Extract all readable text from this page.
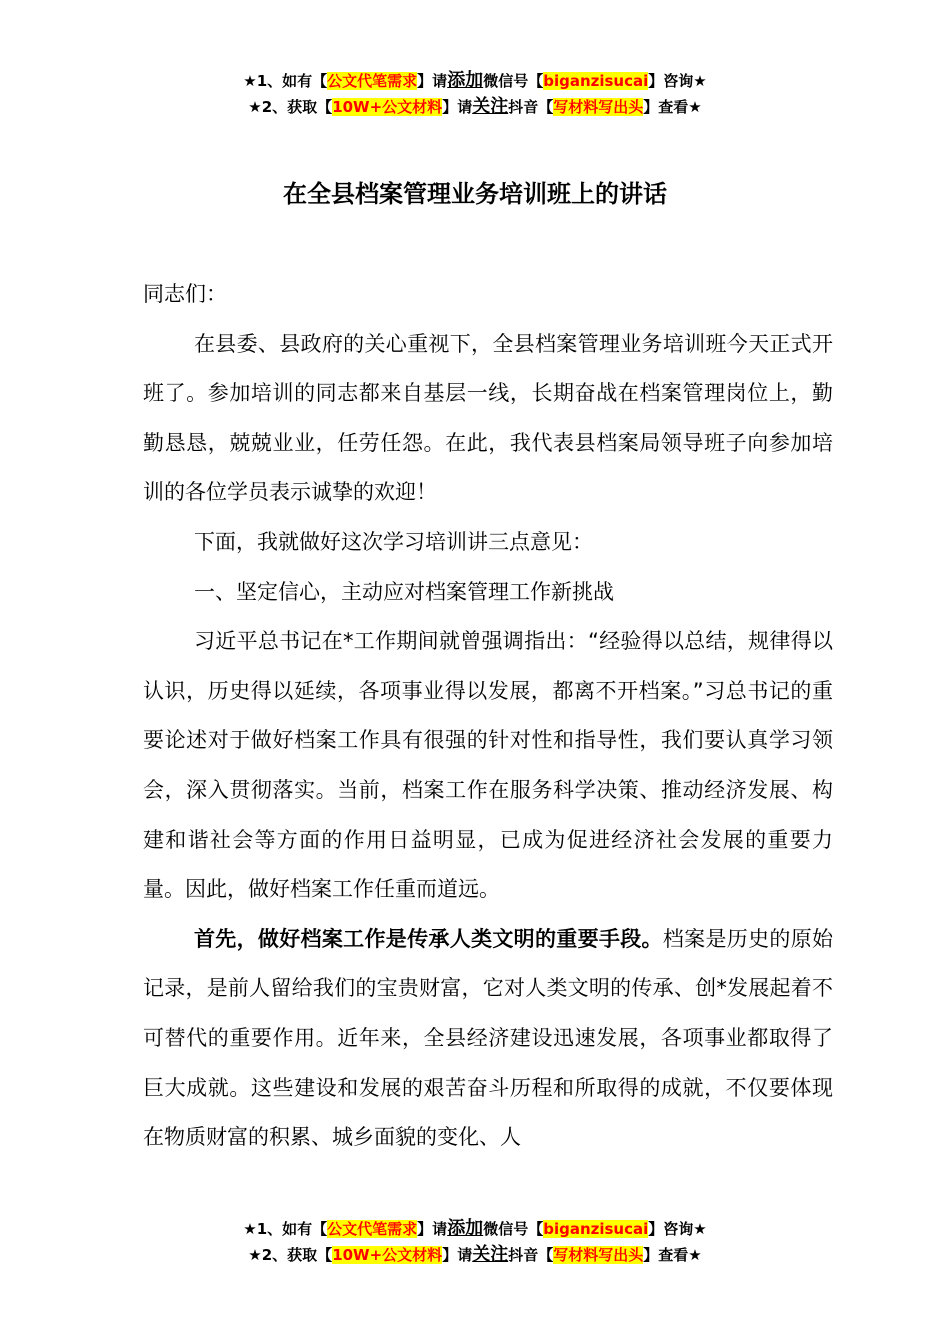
★1、如有【公文代笔需求】请添加微信号【biganzisucai】咨询★
★2、获取【10W+公文材料】请关注抖音【写材料写出头】查看★
在全县档案管理业务培训班上的讲话

同志们：

在县委、县政府的关心重视下，全县档案管理业务培训班今天正式开班了。参加培训的同志都来自基层一线，长期奋战在档案管理岗位上，勤勤恳恳，兢兢业业，任劳任怨。在此，我代表县档案局领导班子向参加培训的各位学员表示诚挚的欢迎！

下面，我就做好这次学习培训讲三点意见：

一、坚定信心，主动应对档案管理工作新挑战

习近平总书记在*工作期间就曾强调指出：“经验得以总结，规律得以认识，历史得以延续，各项事业得以发展，都离不开档案。”习总书记的重要论述对于做好档案工作具有很强的针对性和指导性，我们要认真学习领会，深入贯彻落实。当前，档案工作在服务科学决策、推动经济发展、构建和谐社会等方面的作用日益明显，已成为促进经济社会发展的重要力量。因此，做好档案工作任重而道远。

首先，做好档案工作是传承人类文明的重要手段。档案是历史的原始记录，是前人留给我们的宝贵财富，它对人类文明的传承、创*发展起着不可替代的重要作用。近年来，全县经济建设迅速发展，各项事业都取得了巨大成就。这些建设和发展的艰苦奋斗历程和所取得的成就，不仅要体现在物质财富的积累、城乡面貌的变化、人

★1、如有【公文代笔需求】请添加微信号【biganzisucai】咨询★
★2、获取【10W+公文材料】请关注抖音【写材料写出头】查看★
